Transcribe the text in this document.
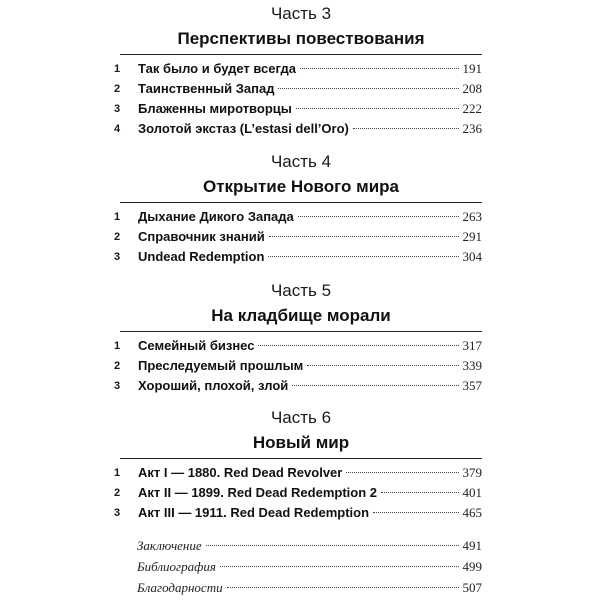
Часть 3
Перспективы повествования
1	Так было и будет всегда	191
2	Таинственный Запад	208
3	Блаженны миротворцы	222
4	Золотой экстаз (L’estasi dell’Oro)	236
Часть 4
Открытие Нового мира
1	Дыхание Дикого Запада	263
2	Справочник знаний	291
3	Undead Redemption	304
Часть 5
На кладбище морали
1	Семейный бизнес	317
2	Преследуемый прошлым	339
3	Хороший, плохой, злой	357
Часть 6
Новый мир
1	Акт I — 1880. Red Dead Revolver	379
2	Акт II — 1899. Red Dead Redemption 2	401
3	Акт III — 1911. Red Dead Redemption	465
Заключение	491
Библиография	499
Благодарности	507
